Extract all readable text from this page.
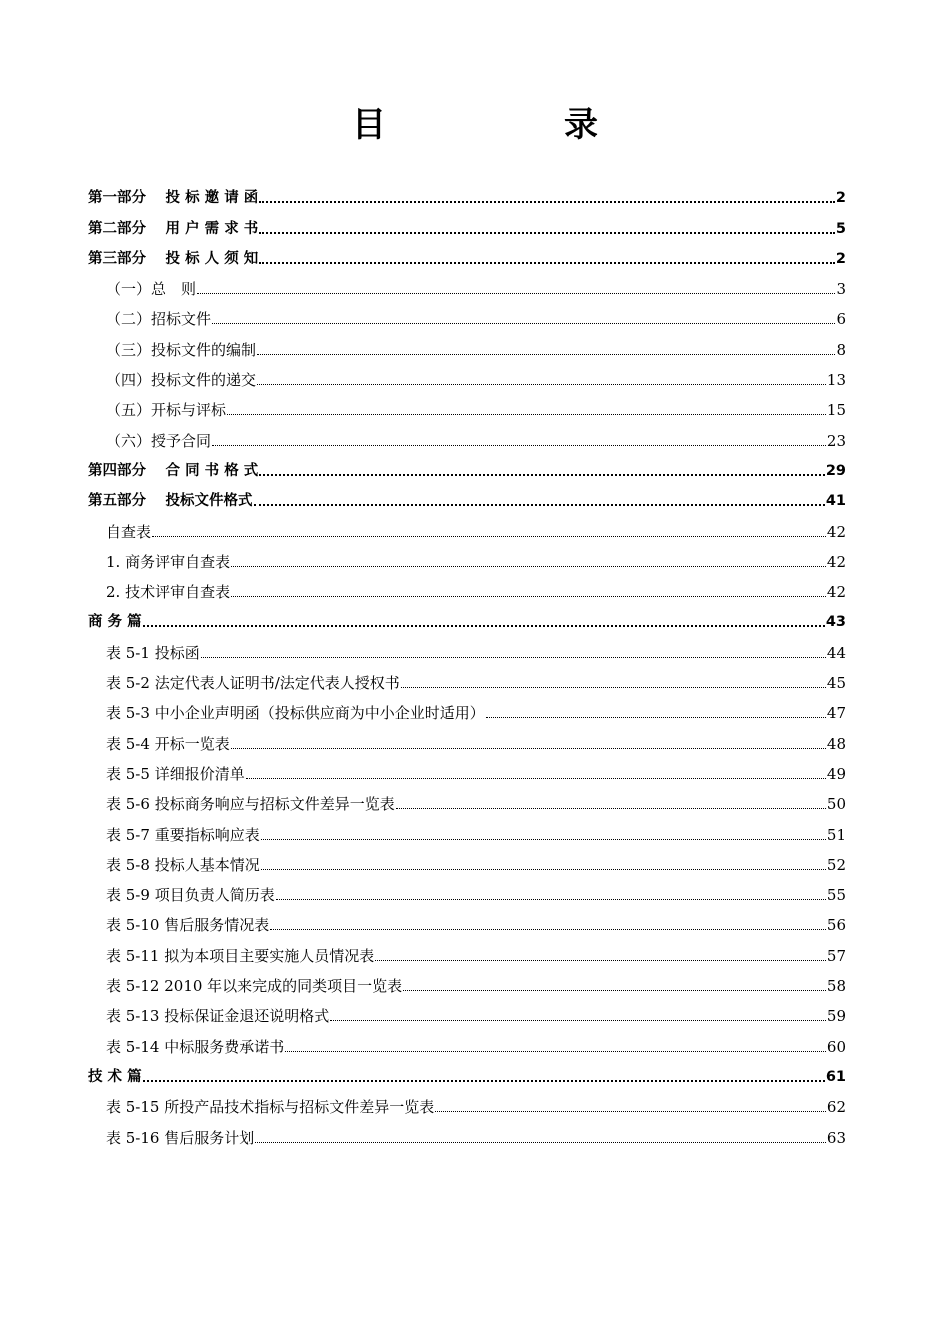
目　录
第一部分　 投 标 邀 请 函	2
第二部分　 用 户 需 求 书	5
第三部分　 投 标 人 须 知	2
（一）总　则	3
（二）招标文件	6
（三）投标文件的编制	8
（四）投标文件的递交	13
（五）开标与评标	15
（六）授予合同	23
第四部分　 合 同 书 格 式	29
第五部分　 投标文件格式	41
自查表	42
1. 商务评审自查表	42
2. 技术评审自查表	42
商 务 篇	43
表 5-1 投标函	44
表 5-2 法定代表人证明书/法定代表人授权书	45
表 5-3 中小企业声明函（投标供应商为中小企业时适用）	47
表 5-4 开标一览表	48
表 5-5 详细报价清单	49
表 5-6 投标商务响应与招标文件差异一览表	50
表 5-7 重要指标响应表	51
表 5-8 投标人基本情况	52
表 5-9 项目负责人简历表	55
表 5-10 售后服务情况表	56
表 5-11 拟为本项目主要实施人员情况表	57
表 5-12 2010 年以来完成的同类项目一览表	58
表 5-13 投标保证金退还说明格式	59
表 5-14 中标服务费承诺书	60
技 术 篇	61
表 5-15 所投产品技术指标与招标文件差异一览表	62
表 5-16 售后服务计划	63
